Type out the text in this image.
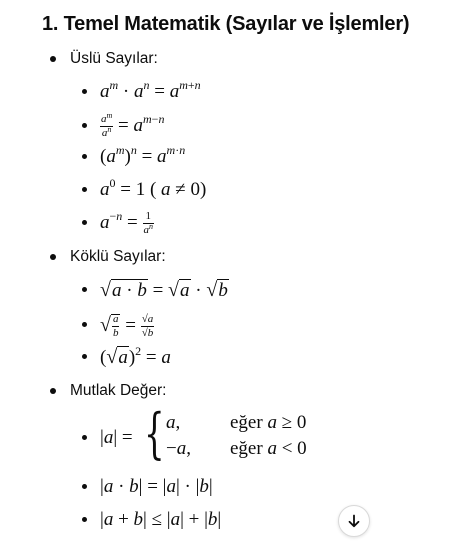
1. Temel Matematik (Sayılar ve İşlemler)
Üslü Sayılar:
$a^m \cdot a^n = a^{m+n}$
$\frac{a^m}{a^n} = a^{m-n}$
$(a^m)^n = a^{m\cdot n}$
$a^0 = 1$ ( a ≠ 0)
$a^{-n} = \frac{1}{a^n}$
Köklü Sayılar:
√a · b = √a · √b
√ $\frac{a}{b} = \frac{√a}{√b}$
$(√a)^2 = a$
Mutlak Değer:
|a| = { a,	eğer a ≥ 0
−a, eğer a < 0
|a · b| = |a| · |b|
|a + b| ≤ |a| + |b|
